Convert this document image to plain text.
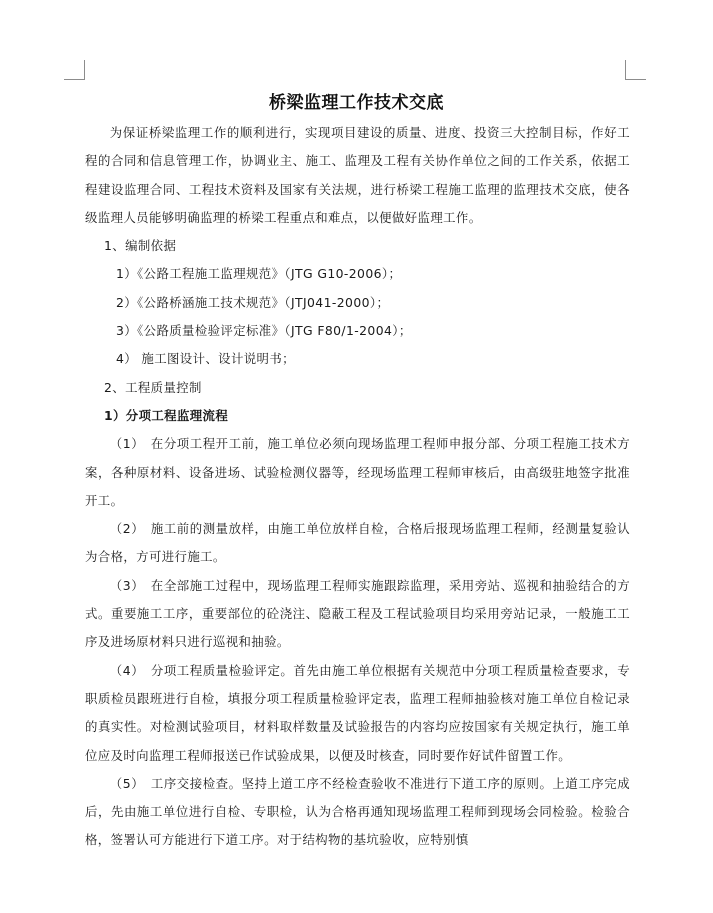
桥梁监理工作技术交底

为保证桥梁监理工作的顺利进行，实现项目建设的质量、进度、投资三大控制目标，作好工程的合同和信息管理工作，协调业主、施工、监理及工程有关协作单位之间的工作关系，依据工程建设监理合同、工程技术资料及国家有关法规，进行桥梁工程施工监理的监理技术交底，使各级监理人员能够明确监理的桥梁工程重点和难点，以便做好监理工作。

1、编制依据

1）《公路工程施工监理规范》（JTG G10-2006）；

2）《公路桥涵施工技术规范》（JTJ041-2000）；

3）《公路质量检验评定标准》（JTG F80/1-2004）；

4） 施工图设计、设计说明书；

2、工程质量控制

1）分项工程监理流程

（1）　在分项工程开工前，施工单位必须向现场监理工程师申报分部、分项工程施工技术方案，各种原材料、设备进场、试验检测仪器等，经现场监理工程师审核后，由高级驻地签字批准开工。

（2）　施工前的测量放样，由施工单位放样自检，合格后报现场监理工程师，经测量复验认为合格，方可进行施工。

（3）　在全部施工过程中，现场监理工程师实施跟踪监理，采用旁站、巡视和抽验结合的方式。重要施工工序，重要部位的砼浇注、隐蔽工程及工程试验项目均采用旁站记录，一般施工工序及进场原材料只进行巡视和抽验。

（4）　分项工程质量检验评定。首先由施工单位根据有关规范中分项工程质量检查要求，专职质检员跟班进行自检，填报分项工程质量检验评定表，监理工程师抽验核对施工单位自检记录的真实性。对检测试验项目，材料取样数量及试验报告的内容均应按国家有关规定执行，施工单位应及时向监理工程师报送已作试验成果，以便及时核查，同时要作好试件留置工作。

（5）　工序交接检查。坚持上道工序不经检查验收不准进行下道工序的原则。上道工序完成后，先由施工单位进行自检、专职检，认为合格再通知现场监理工程师到现场会同检验。检验合格，签署认可方能进行下道工序。对于结构物的基坑验收，应特别慎
